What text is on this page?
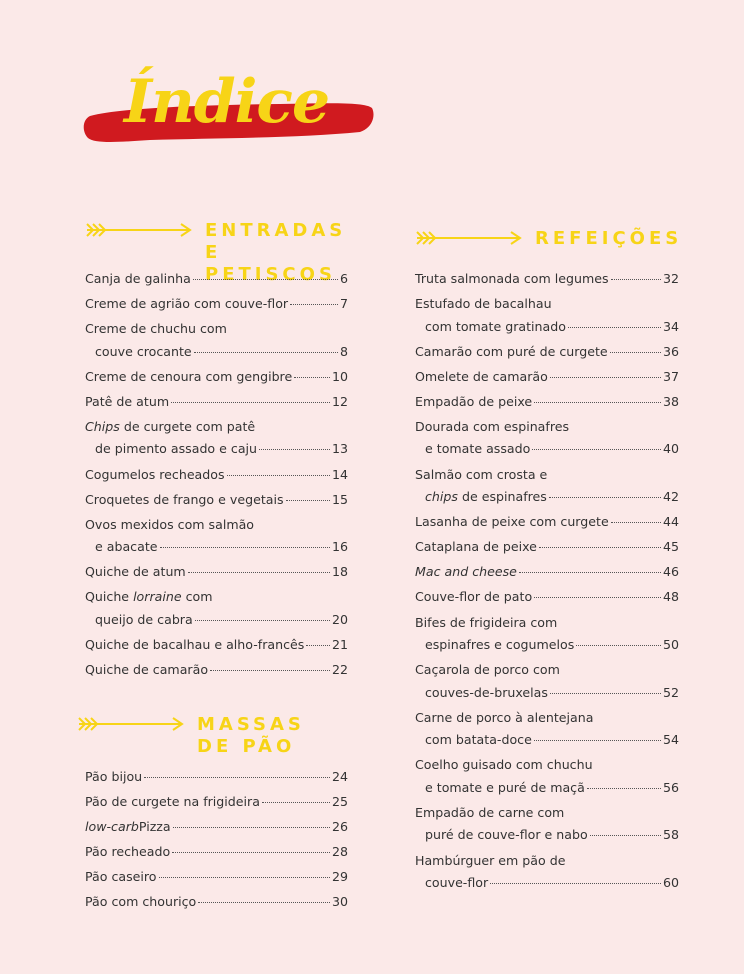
Índice
ENTRADAS E
PETISCOS
Canja de galinha	6
Creme de agrião com couve-flor	7
Creme de chuchu com
couve crocante	8
Creme de cenoura com gengibre	10
Patê de atum	12
Chips de curgete com patê
de pimento assado e caju	13
Cogumelos recheados	14
Croquetes de frango e vegetais	15
Ovos mexidos com salmão
e abacate	16
Quiche de atum	18
Quiche lorraine com
queijo de cabra	20
Quiche de bacalhau e alho-francês 21
Quiche de camarão	22
MASSAS
DE PÃO
Pão bijou	24
Pão de curgete na frigideira	25
low-carbPizza	26
Pão recheado	28
Pão caseiro	29
Pão com chouriço	30
REFEIÇÕES
Truta salmonada com legumes	32
Estufado de bacalhau
com tomate gratinado	34
Camarão com puré de curgete	36
Omelete de camarão	37
Empadão de peixe	38
Dourada com espinafres
e tomate assado	40
Salmão com crosta e
chips de espinafres	42
Lasanha de peixe com curgete	44
Cataplana de peixe	45
Mac and cheese	46
Couve-flor de pato	48
Bifes de frigideira com
espinafres e cogumelos	50
Caçarola de porco com
couves-de-bruxelas	52
Carne de porco à alentejana
com batata-doce	54
Coelho guisado com chuchu
e tomate e puré de maçã	56
Empadão de carne com
puré de couve-flor e nabo	58
Hambúrguer em pão de
couve-flor	60
